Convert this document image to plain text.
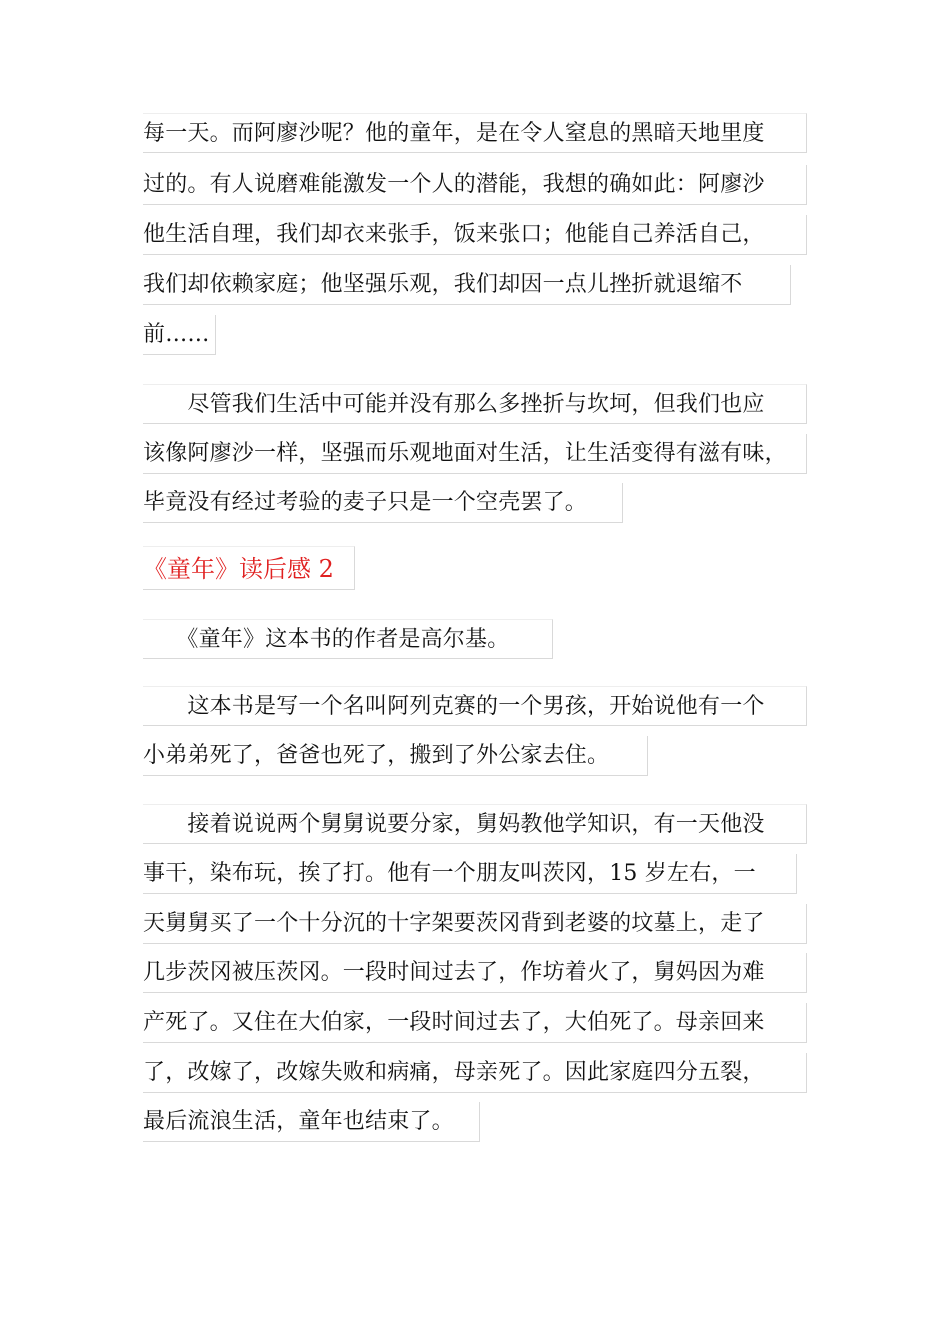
每一天。而阿廖沙呢？他的童年，是在令人窒息的黑暗天地里度
过的。有人说磨难能激发一个人的潜能，我想的确如此：阿廖沙
他生活自理，我们却衣来张手，饭来张口；他能自己养活自己，
我们却依赖家庭；他坚强乐观，我们却因一点儿挫折就退缩不
前……
　　尽管我们生活中可能并没有那么多挫折与坎坷，但我们也应
该像阿廖沙一样，坚强而乐观地面对生活，让生活变得有滋有味，
毕竟没有经过考验的麦子只是一个空壳罢了。
《童年》读后感 2
　　《童年》这本书的作者是高尔基。
　　这本书是写一个名叫阿列克赛的一个男孩，开始说他有一个
小弟弟死了，爸爸也死了，搬到了外公家去住。
　　接着说说两个舅舅说要分家，舅妈教他学知识，有一天他没
事干，染布玩，挨了打。他有一个朋友叫茨冈，15 岁左右，一
天舅舅买了一个十分沉的十字架要茨冈背到老婆的坟墓上，走了
几步茨冈被压茨冈。一段时间过去了，作坊着火了，舅妈因为难
产死了。又住在大伯家，一段时间过去了，大伯死了。母亲回来
了，改嫁了，改嫁失败和病痛，母亲死了。因此家庭四分五裂，
最后流浪生活，童年也结束了。
